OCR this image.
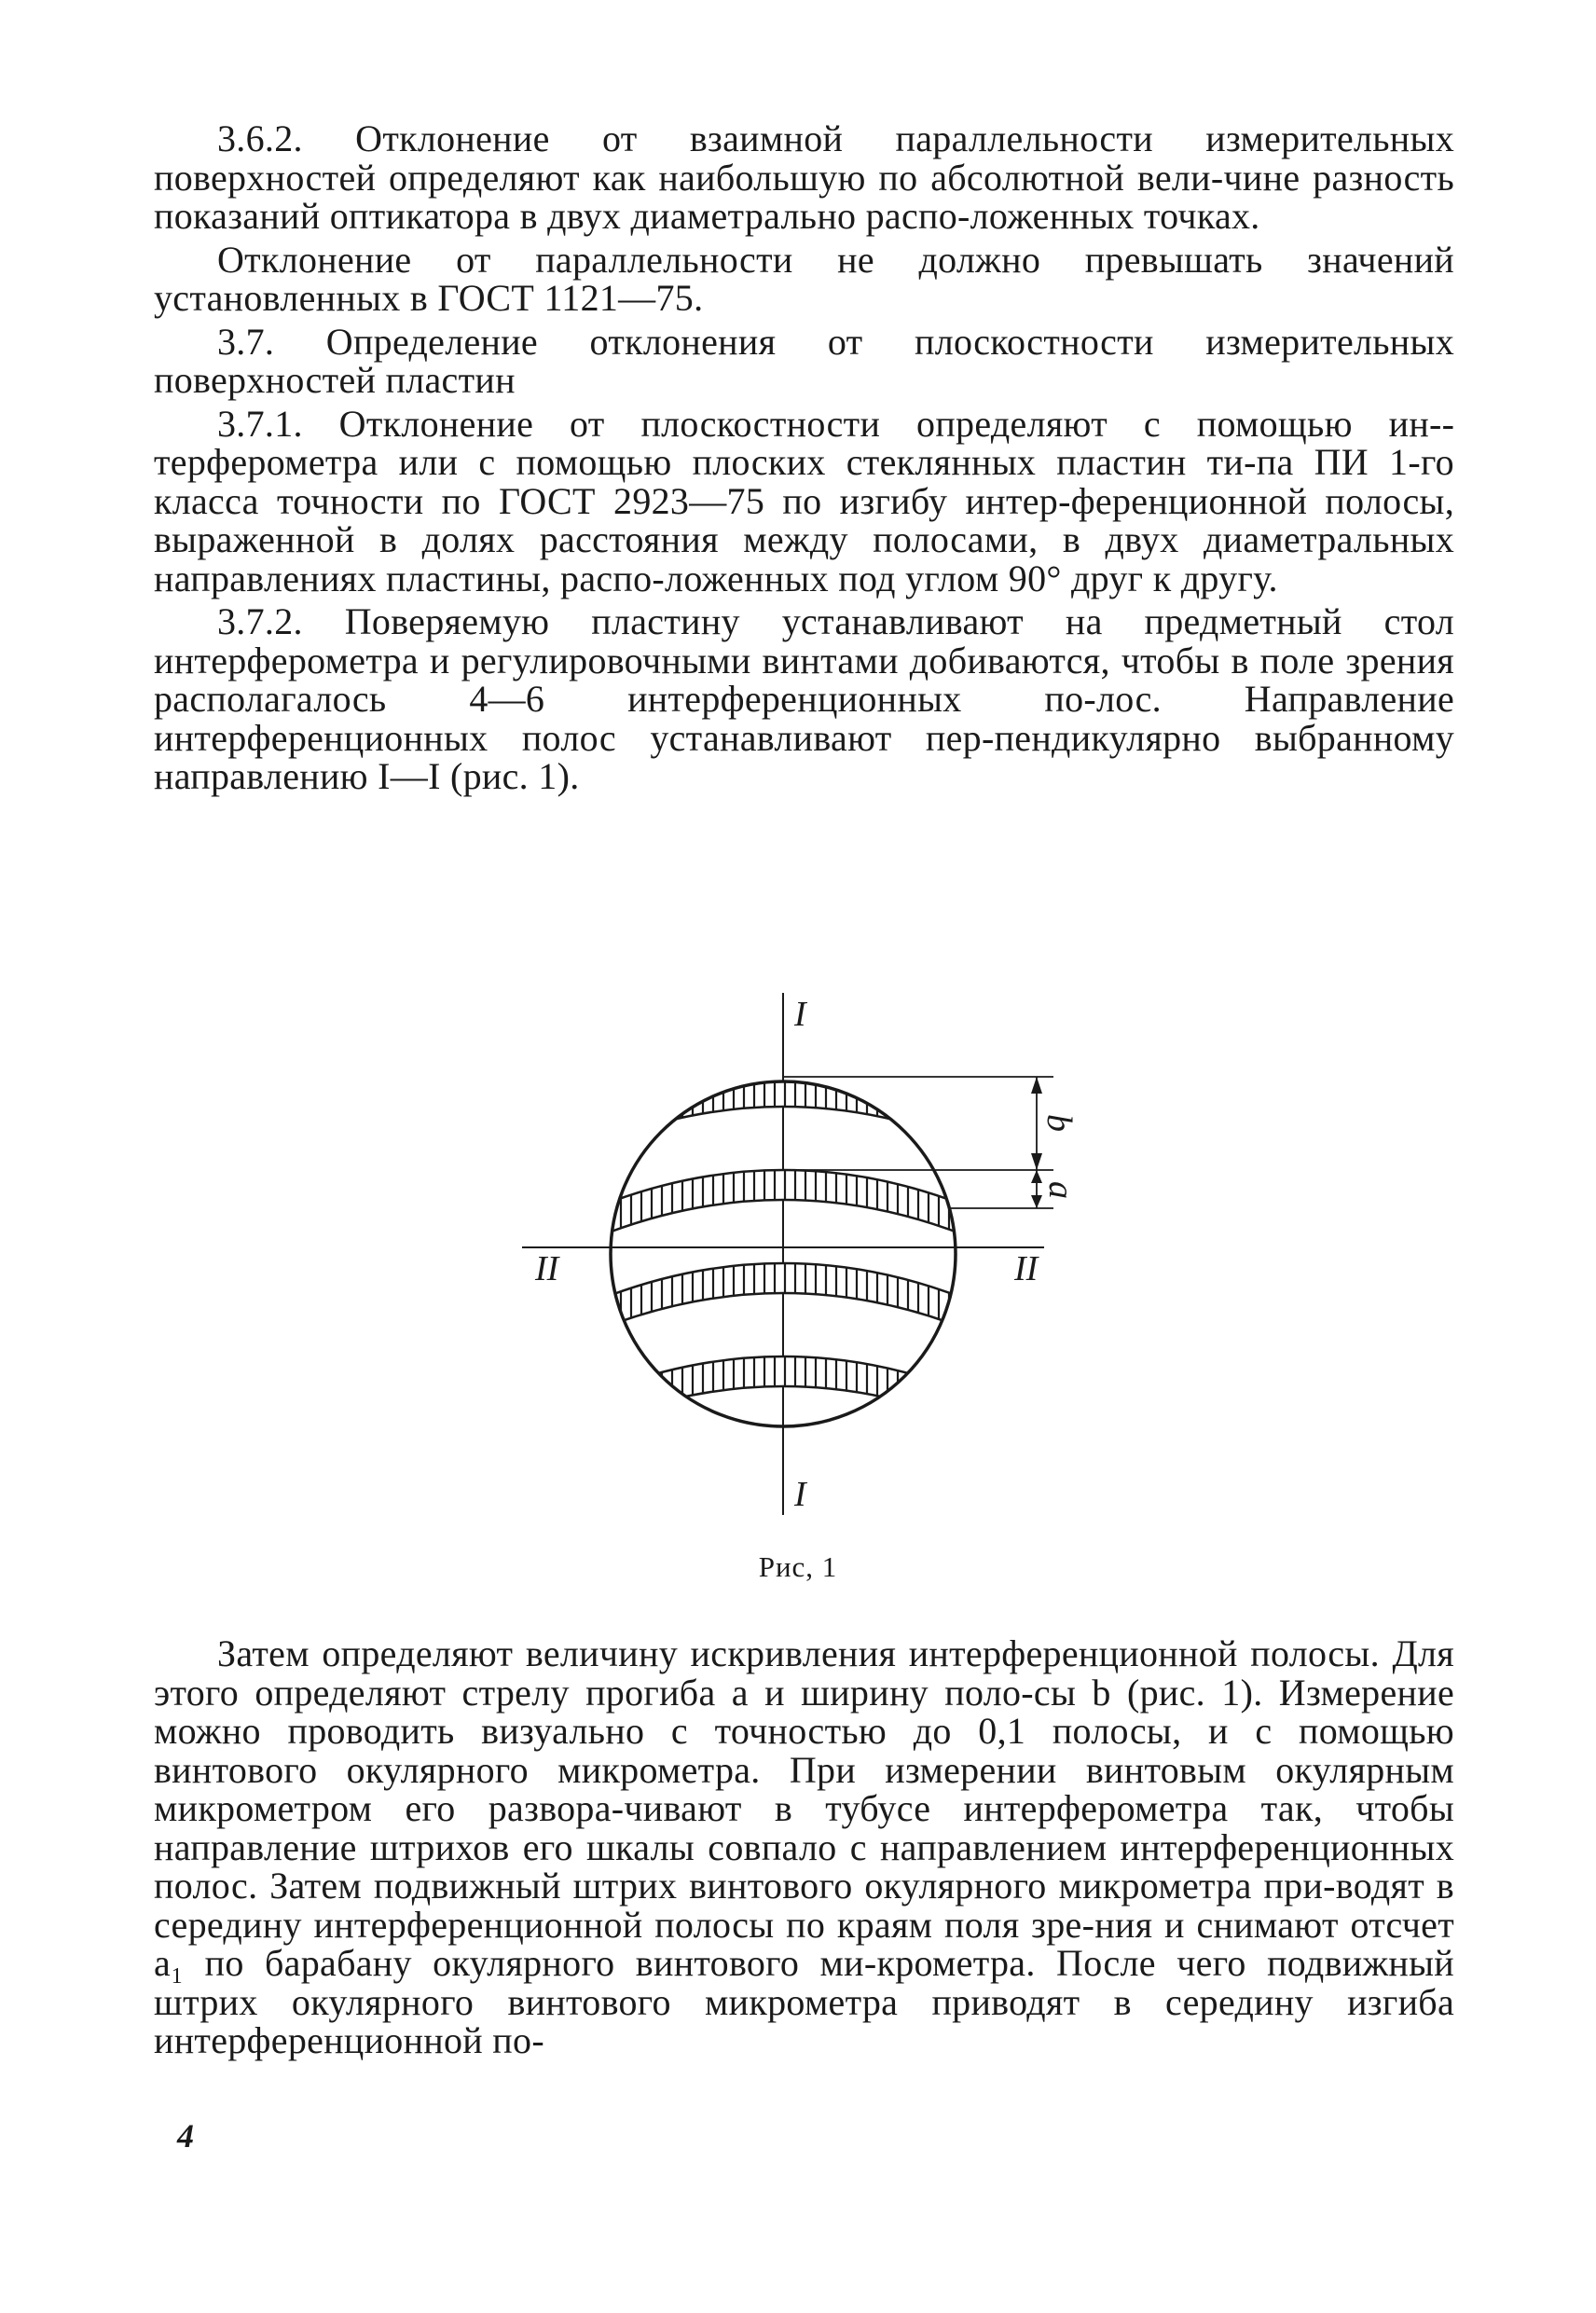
3.6.2. Отклонение от взаимной параллельности измерительных поверхностей определяют как наибольшую по абсолютной вели-чине разность показаний оптикатора в двух диаметрально распо-ложенных точках.

Отклонение от параллельности не должно превышать значений установленных в ГОСТ 1121—75.

3.7. Определение отклонения от плоскостности измерительных поверхностей пластин

3.7.1. Отклонение от плоскостности определяют с помощью ин-терферометра или с помощью плоских стеклянных пластин ти-па ПИ 1-го класса точности по ГОСТ 2923—75 по изгибу интер-ференционной полосы, выраженной в долях расстояния между полосами, в двух диаметральных направлениях пластины, распо-ложенных под углом 90° друг к другу.

3.7.2. Поверяемую пластину устанавливают на предметный стол интерферометра и регулировочными винтами добиваются, чтобы в поле зрения располагалось 4—6 интерференционных по-лос. Направление интерференционных полос устанавливают пер-пендикулярно выбранному направлению I—I (рис. 1).

b
a
I
I
II	II
Рис, 1

Затем определяют величину искривления интерференционной полосы. Для этого определяют стрелу прогиба a и ширину поло-сы b (рис. 1). Измерение можно проводить визуально с точностью до 0,1 полосы, и с помощью винтового окулярного микрометра. При измерении винтовым окулярным микрометром его развора-чивают в тубусе интерферометра так, чтобы направление штрихов его шкалы совпало с направлением интерференционных полос. Затем подвижный штрих винтового окулярного микрометра при-водят в середину интерференционной полосы по краям поля зре-ния и снимают отсчет a₁ по барабану окулярного винтового ми-крометра. После чего подвижный штрих окулярного винтового микрометра приводят в середину изгиба интерференционной по-

4
